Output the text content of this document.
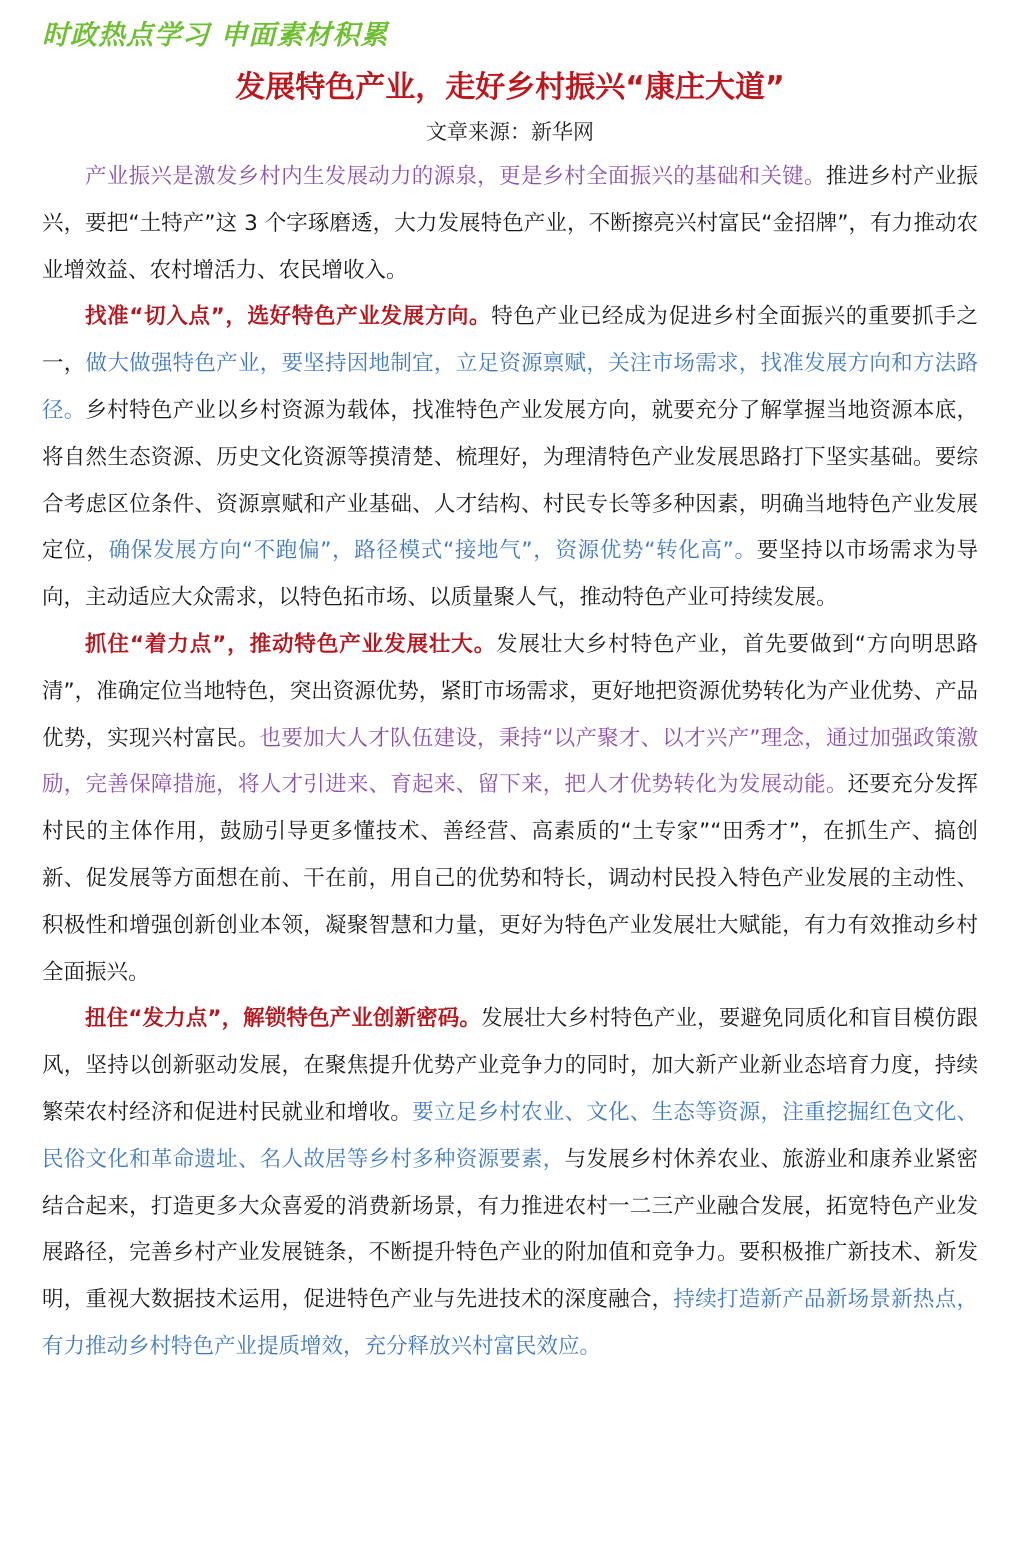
时政热点学习 申面素材积累
发展特色产业，走好乡村振兴“康庄大道”
文章来源：新华网

产业振兴是激发乡村内生发展动力的源泉，更是乡村全面振兴的基础和关键。推进乡村产业振兴，要把“土特产”这 3 个字琢磨透，大力发展特色产业，不断擦亮兴村富民“金招牌”，有力推动农业增效益、农村增活力、农民增收入。

找准“切入点”，选好特色产业发展方向。特色产业已经成为促进乡村全面振兴的重要抓手之一，做大做强特色产业，要坚持因地制宜，立足资源禀赋，关注市场需求，找准发展方向和方法路径。乡村特色产业以乡村资源为载体，找准特色产业发展方向，就要充分了解掌握当地资源本底，将自然生态资源、历史文化资源等摸清楚、梳理好，为理清特色产业发展思路打下坚实基础。要综合考虑区位条件、资源禀赋和产业基础、人才结构、村民专长等多种因素，明确当地特色产业发展定位，确保发展方向“不跑偏”，路径模式“接地气”，资源优势“转化高”。要坚持以市场需求为导向，主动适应大众需求，以特色拓市场、以质量聚人气，推动特色产业可持续发展。

抓住“着力点”，推动特色产业发展壮大。发展壮大乡村特色产业，首先要做到“方向明思路清”，准确定位当地特色，突出资源优势，紧盯市场需求，更好地把资源优势转化为产业优势、产品优势，实现兴村富民。也要加大人才队伍建设，秉持“以产聚才、以才兴产”理念，通过加强政策激励，完善保障措施，将人才引进来、育起来、留下来，把人才优势转化为发展动能。还要充分发挥村民的主体作用，鼓励引导更多懂技术、善经营、高素质的“土专家”“田秀才”，在抓生产、搞创新、促发展等方面想在前、干在前，用自己的优势和特长，调动村民投入特色产业发展的主动性、积极性和增强创新创业本领，凝聚智慧和力量，更好为特色产业发展壮大赋能，有力有效推动乡村全面振兴。

扭住“发力点”，解锁特色产业创新密码。发展壮大乡村特色产业，要避免同质化和盲目模仿跟风，坚持以创新驱动发展，在聚焦提升优势产业竞争力的同时，加大新产业新业态培育力度，持续繁荣农村经济和促进村民就业和增收。要立足乡村农业、文化、生态等资源，注重挖掘红色文化、民俗文化和革命遗址、名人故居等乡村多种资源要素，与发展乡村休养农业、旅游业和康养业紧密结合起来，打造更多大众喜爱的消费新场景，有力推进农村一二三产业融合发展，拓宽特色产业发展路径，完善乡村产业发展链条，不断提升特色产业的附加值和竞争力。要积极推广新技术、新发明，重视大数据技术运用，促进特色产业与先进技术的深度融合，持续打造新产品新场景新热点，有力推动乡村特色产业提质增效，充分释放兴村富民效应。
